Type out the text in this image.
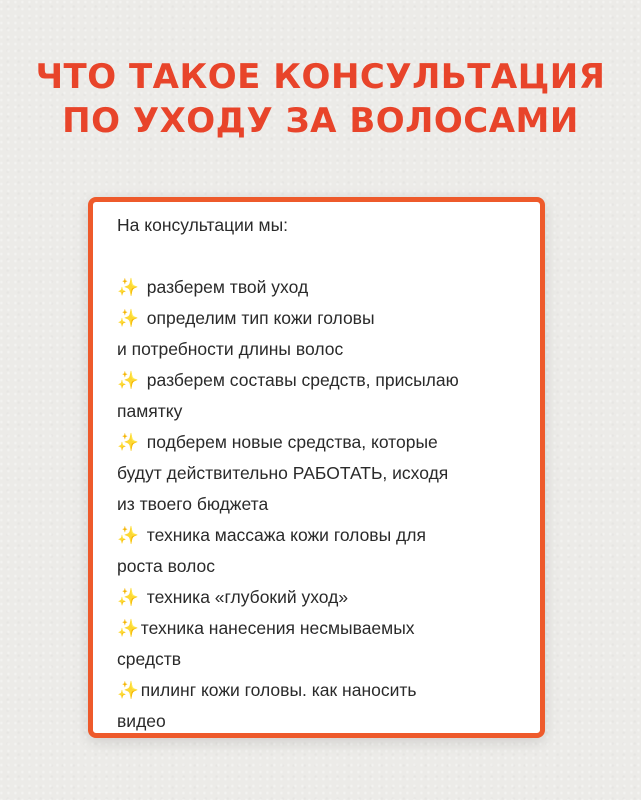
ЧТО ТАКОЕ КОНСУЛЬТАЦИЯ
ПО УХОДУ ЗА ВОЛОСАМИ
На консультации мы:
✨ разберем твой уход
✨ определим тип кожи головы
и потребности длины волос
✨ разберем составы средств, присылаю
памятку
✨ подберем новые средства, которые
будут действительно РАБОТАТЬ, исходя
из твоего бюджета
✨ техника массажа кожи головы для
роста волос
✨ техника «глубокий уход»
✨ техника нанесения несмываемых
средств
✨ пилинг кожи головы. как наносить
видео
